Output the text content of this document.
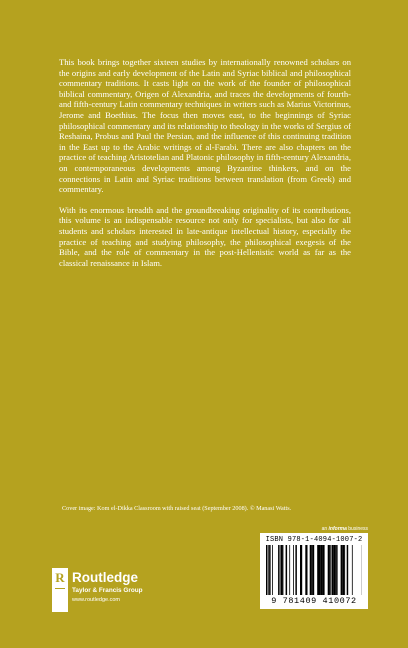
This book brings together sixteen studies by internationally renowned scholars on the origins and early development of the Latin and Syriac biblical and philosophical commentary traditions. It casts light on the work of the founder of philosophical biblical commentary, Origen of Alexandria, and traces the developments of fourth- and fifth-century Latin commentary techniques in writers such as Marius Victorinus, Jerome and Boethius. The focus then moves east, to the beginnings of Syriac philosophical commentary and its relationship to theology in the works of Sergius of Reshaina, Probus and Paul the Persian, and the influence of this continuing tradition in the East up to the Arabic writings of al-Farabi. There are also chapters on the practice of teaching Aristotelian and Platonic philosophy in fifth-century Alexandria, on contemporaneous developments among Byzantine thinkers, and on the connections in Latin and Syriac traditions between translation (from Greek) and commentary.

With its enormous breadth and the groundbreaking originality of its contributions, this volume is an indispensable resource not only for specialists, but also for all students and scholars interested in late-antique intellectual history, especially the practice of teaching and studying philosophy, the philosophical exegesis of the Bible, and the role of commentary in the post-Hellenistic world as far as the classical renaissance in Islam.

Cover image: Kom el-Dikka Classroom with raised seat (September 2008). © Manasi Watts.
an informa business
ISBN 978-1-4094-1007-2
9 781409 410072
R Routledge
Taylor & Francis Group
www.routledge.com
